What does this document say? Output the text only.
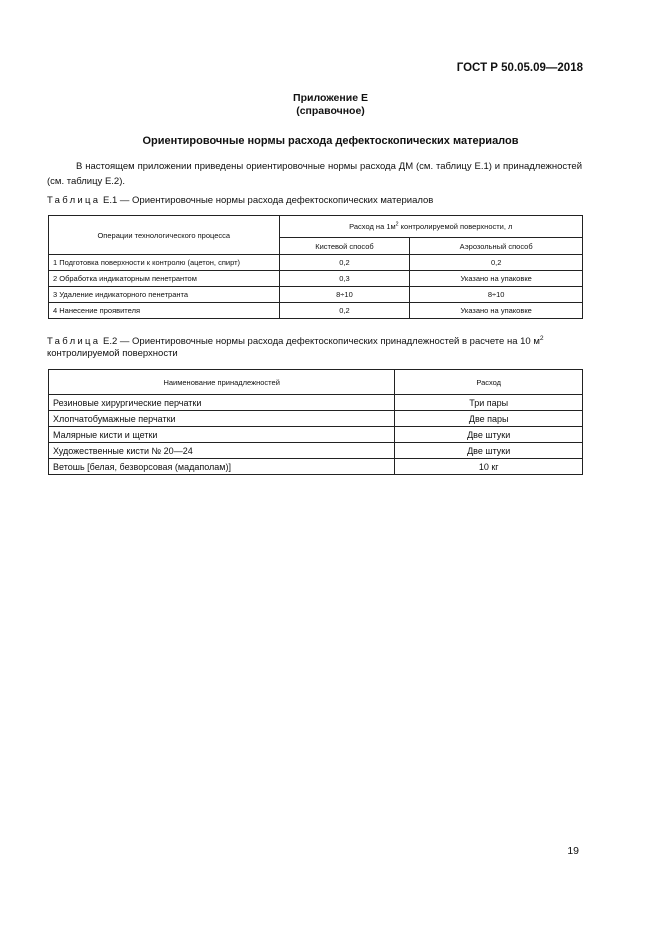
ГОСТ Р 50.05.09—2018
Приложение Е
(справочное)
Ориентировочные нормы расхода дефектоскопических материалов
В настоящем приложении приведены ориентировочные нормы расхода ДМ (см. таблицу Е.1) и принадлежностей (см. таблицу Е.2).
Таблица Е.1 — Ориентировочные нормы расхода дефектоскопических материалов
Операции технологического процесса	Расход на $1м^2$ контролируемой поверхности, л	
	Кистевой способ	Аэрозольный способ
1 Подготовка поверхности к контролю (ацетон, спирт)	0,2	0,2
2 Обработка индикаторным пенетрантом	0,3	Указано на упаковке
3 Удаление индикаторного пенетранта	8÷10	8÷10
4 Нанесение проявителя	0,2	Указано на упаковке
Таблица Е.2 — Ориентировочные нормы расхода дефектоскопических принадлежностей в расчете на 10 $м^2$
контролируемой поверхности
Наименование принадлежностей	Расход
Резиновые хирургические перчатки	Три пары
Хлопчатобумажные перчатки	Две пары
Малярные кисти и щетки	Две штуки
Художественные кисти № 20—24	Две штуки
Ветошь [белая, безворсовая (мадаполам)]	10 кг
19
